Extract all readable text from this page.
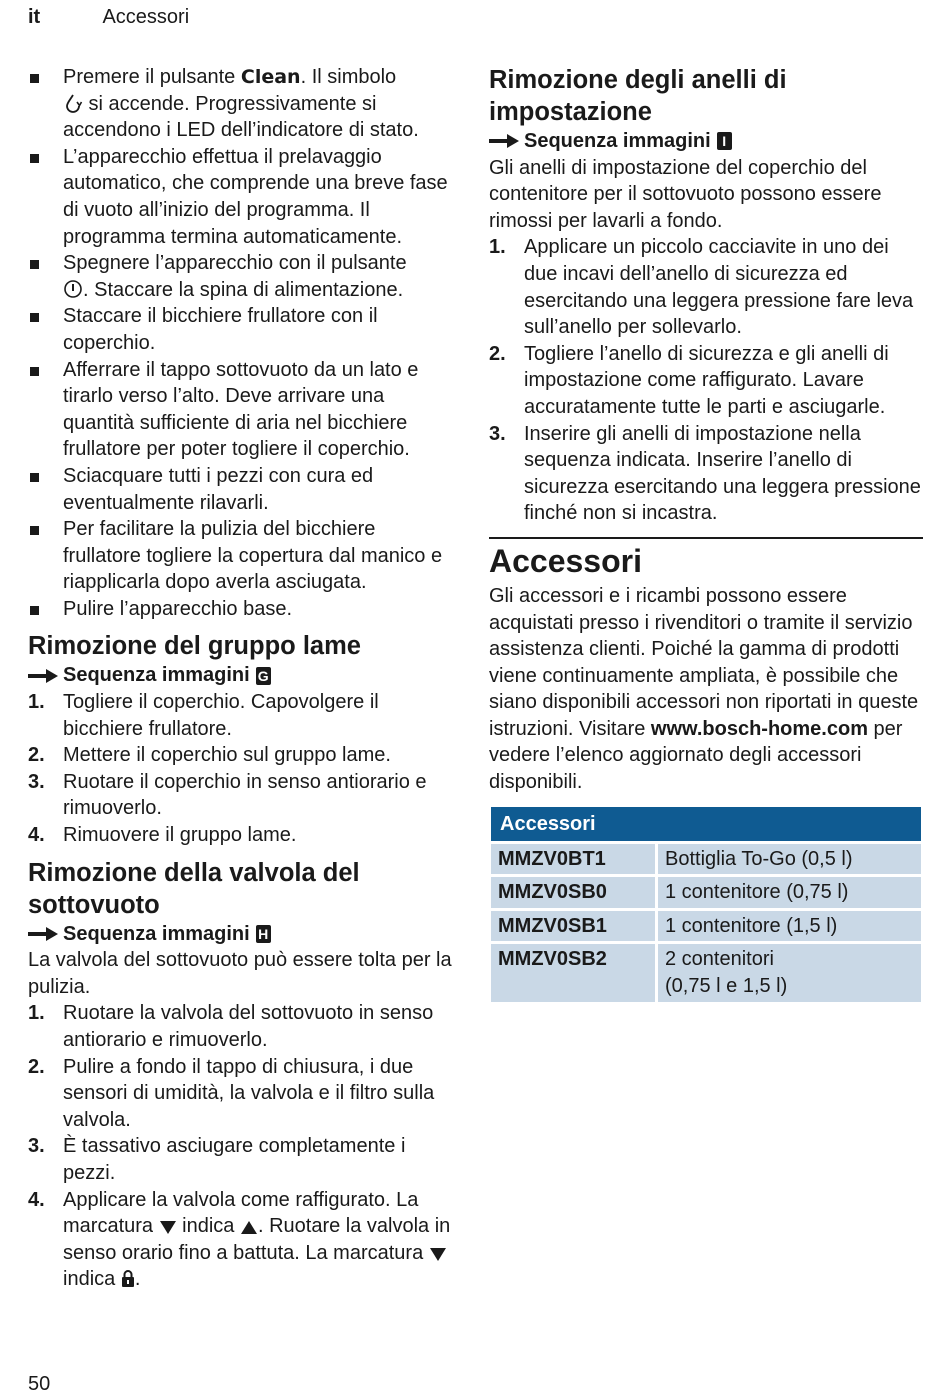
it	Accessori
Premere il pulsante Clean. Il simbolo
si accende. Progressivamente si accendono i LED dell’indicatore di stato.
L’apparecchio effettua il prelavaggio automatico, che comprende una breve fase di vuoto all’inizio del programma. Il programma termina automaticamente.
Spegnere l’apparecchio con il pulsante
. Staccare la spina di alimentazione.
Staccare il bicchiere frullatore con il coperchio.
Afferrare il tappo sottovuoto da un lato e tirarlo verso l’alto. Deve arrivare una quantità sufficiente di aria nel bicchiere frullatore per poter togliere il coperchio.
Sciacquare tutti i pezzi con cura ed eventualmente rilavarli.
Per facilitare la pulizia del bicchiere frullatore togliere la copertura dal manico e riapplicarla dopo averla asciugata.
Pulire l’apparecchio base.
Rimozione del gruppo lame
Sequenza immagini G
1. Togliere il coperchio. Capovolgere il bicchiere frullatore.
2. Mettere il coperchio sul gruppo lame.
3. Ruotare il coperchio in senso antiorario e rimuoverlo.
4. Rimuovere il gruppo lame.
Rimozione della valvola del sottovuoto
Sequenza immagini H

La valvola del sottovuoto può essere tolta per la pulizia.

1. Ruotare la valvola del sottovuoto in senso antiorario e rimuoverlo.
2. Pulire a fondo il tappo di chiusura, i due sensori di umidità, la valvola e il filtro sulla valvola.
3. È tassativo asciugare completamente i pezzi.
4. Applicare la valvola come raffigurato. La marcatura  indica . Ruotare la valvola in senso orario fino a battuta. La marcatura  indica .
Rimozione degli anelli di impostazione
Sequenza immagini I

Gli anelli di impostazione del coperchio del contenitore per il sottovuoto possono essere rimossi per lavarli a fondo.

1. Applicare un piccolo cacciavite in uno dei due incavi dell’anello di sicurezza ed esercitando una leggera pressione fare leva sull’anello per sollevarlo.
2. Togliere l’anello di sicurezza e gli anelli di impostazione come raffigurato. Lavare accuratamente tutte le parti e asciugarle.
3. Inserire gli anelli di impostazione nella sequenza indicata. Inserire l’anello di sicurezza esercitando una leggera pressione finché non si incastra.
Accessori

Gli accessori e i ricambi possono essere acquistati presso i rivenditori o tramite il servizio assistenza clienti. Poiché la gamma di prodotti viene continuamente ampliata, è possibile che siano disponibili accessori non riportati in queste istruzioni. Visitare www.bosch-home.com per vedere l’elenco aggiornato degli accessori disponibili.

Accessori	
MMZV0BT1	Bottiglia To-Go (0,5 l)
MMZV0SB0	1 contenitore (0,75 l)
MMZV0SB1	1 contenitore (1,5 l)
MMZV0SB2	2 contenitori
(0,75 l e 1,5 l)
50
